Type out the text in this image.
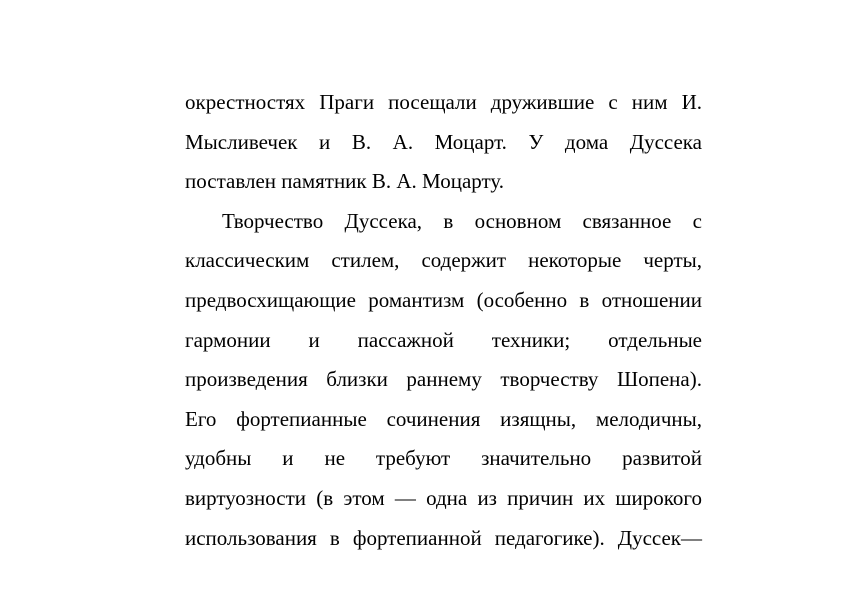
окрестностях Праги посещали дружившие с ним И.
Мысливечек и В. А. Моцарт. У дома Дуссека
поставлен памятник В. А. Моцарту.
Творчество Дуссека, в основном связанное с
классическим стилем, содержит некоторые черты,
предвосхищающие романтизм (особенно в отношении
гармонии и пассажной техники; отдельные
произведения близки раннему творчеству Шопена).
Его фортепианные сочинения изящны, мелодичны,
удобны и не требуют значительно развитой
виртуозности (в этом — одна из причин их широкого
использования в фортепианной педагогике). Дуссек—
